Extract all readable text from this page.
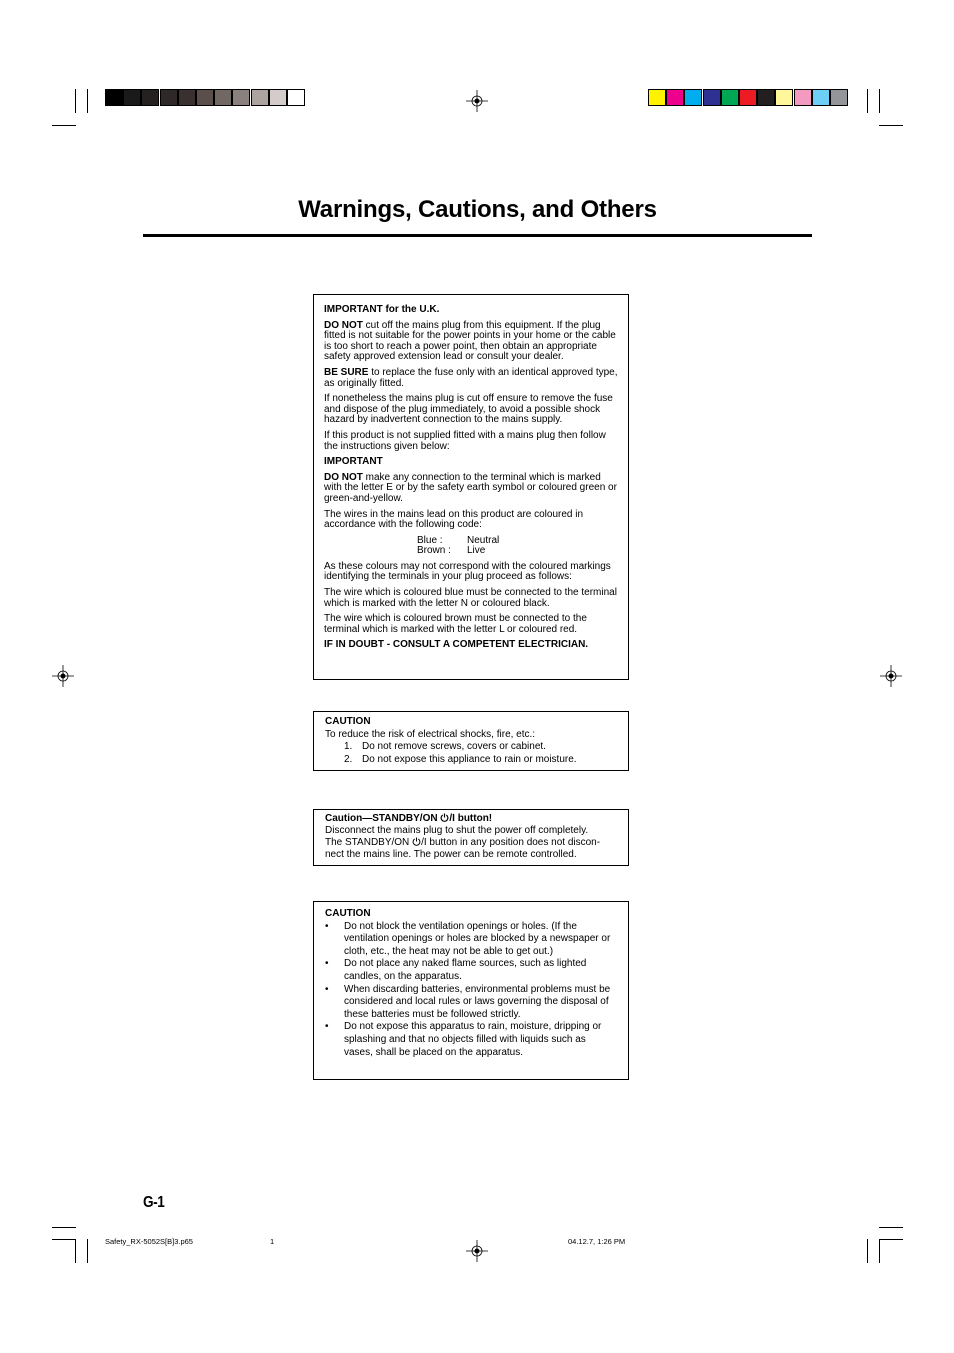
Warnings, Cautions, and Others

IMPORTANT for the U.K.

DO NOT cut off the mains plug from this equipment. If the plug fitted is not suitable for the power points in your home or the cable is too short to reach a power point, then obtain an appropriate safety approved extension lead or consult your dealer.

BE SURE to replace the fuse only with an identical approved type, as originally fitted.

If nonetheless the mains plug is cut off ensure to remove the fuse and dispose of the plug immediately, to avoid a possible shock hazard by inadvertent connection to the mains supply.

If this product is not supplied fitted with a mains plug then follow the instructions given below:

IMPORTANT

DO NOT make any connection to the terminal which is marked with the letter E or by the safety earth symbol or coloured green or green-and-yellow.

The wires in the mains lead on this product are coloured in accordance with the following code:

Blue :	Neutral
Brown :	Live

As these colours may not correspond with the coloured markings identifying the terminals in your plug proceed as follows:

The wire which is coloured blue must be connected to the terminal which is marked with the letter N or coloured black.

The wire which is coloured brown must be connected to the terminal which is marked with the letter L or coloured red.

IF IN DOUBT - CONSULT A COMPETENT ELECTRICIAN.

CAUTION
To reduce the risk of electrical shocks, fire, etc.:
1. Do not remove screws, covers or cabinet.
2. Do not expose this appliance to rain or moisture.
Caution—STANDBY/ON /I button!
Disconnect the mains plug to shut the power off completely.
The STANDBY/ON /I button in any position does not discon-
nect the mains line. The power can be remote controlled.
CAUTION
•	Do not block the ventilation openings or holes. (If the ventilation openings or holes are blocked by a newspaper or cloth, etc., the heat may not be able to get out.)
•	Do not place any naked flame sources, such as lighted candles, on the apparatus.
•	When discarding batteries, environmental problems must be considered and local rules or laws governing the disposal of these batteries must be followed strictly.
•	Do not expose this apparatus to rain, moisture, dripping or splashing and that no objects filled with liquids such as vases, shall be placed on the apparatus.
G-1
Safety_RX-5052S[B]3.p65	1	04.12.7, 1:26 PM
